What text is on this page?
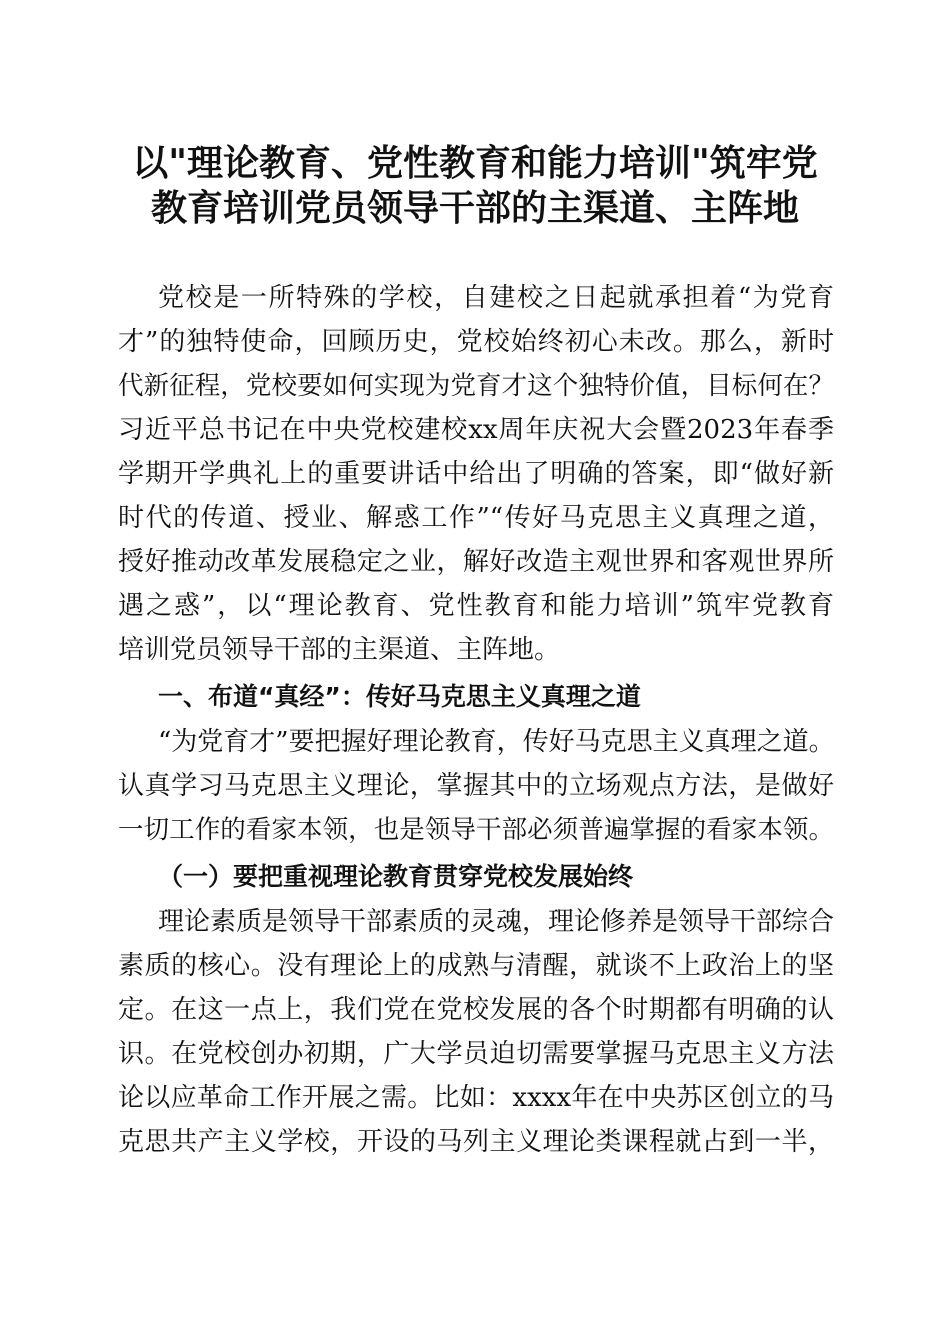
以"理论教育、党性教育和能力培训"筑牢党
教育培训党员领导干部的主渠道、主阵地

党校是一所特殊的学校，自建校之日起就承担着“为党育

才”的独特使命，回顾历史，党校始终初心未改。那么，新时

代新征程，党校要如何实现为党育才这个独特价值，目标何在？

习近平总书记在中央党校建校xx周年庆祝大会暨2023年春季

学期开学典礼上的重要讲话中给出了明确的答案，即“做好新

时代的传道、授业、解惑工作”“传好马克思主义真理之道，

授好推动改革发展稳定之业，解好改造主观世界和客观世界所

遇之惑”，以“理论教育、党性教育和能力培训”筑牢党教育

培训党员领导干部的主渠道、主阵地。

一、布道“真经”：传好马克思主义真理之道

“为党育才”要把握好理论教育，传好马克思主义真理之道。

认真学习马克思主义理论，掌握其中的立场观点方法，是做好

一切工作的看家本领，也是领导干部必须普遍掌握的看家本领。

（一）要把重视理论教育贯穿党校发展始终

理论素质是领导干部素质的灵魂，理论修养是领导干部综合

素质的核心。没有理论上的成熟与清醒，就谈不上政治上的坚

定。在这一点上，我们党在党校发展的各个时期都有明确的认

识。在党校创办初期，广大学员迫切需要掌握马克思主义方法

论以应革命工作开展之需。比如：xxxx年在中央苏区创立的马

克思共产主义学校，开设的马列主义理论类课程就占到一半，
